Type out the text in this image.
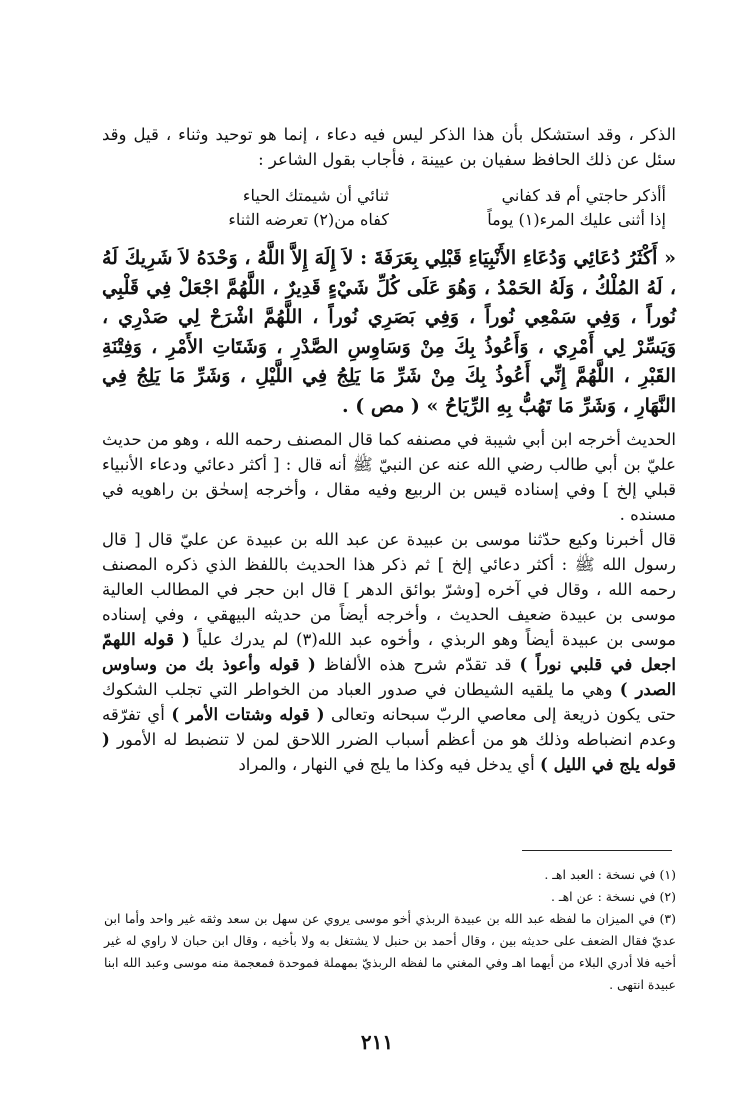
الذكر ، وقد استشكل بأن هذا الذكر ليس فيه دعاء ، إنما هو توحيد وثناء ، قيل وقد سئل عن ذلك الحافظ سفيان بن عيينة ، فأجاب بقول الشاعر :

أأذكر حاجتي أم قد كفاني
ثنائي أن شيمتك الحياء
إذا أثنى عليك المرء(١) يوماً
كفاه من(٢) تعرضه الثناء

« أَكْثَرُ دُعَائِي وَدُعَاءِ الأَنْبِيَاءِ قَبْلِي بِعَرَفَةَ : لاَ إِلَهَ إِلاَّ اللَّهُ ، وَحْدَهُ لاَ شَرِيكَ لَهُ ، لَهُ المُلْكُ ، وَلَهُ الحَمْدُ ، وَهُوَ عَلَى كُلِّ شَيْءٍ قَدِيرٌ ، اللَّهُمَّ اجْعَلْ فِي قَلْبِي نُوراً ، وَفِي سَمْعِي نُوراً ، وَفِي بَصَرِي نُوراً ، اللَّهُمَّ اشْرَحْ لِي صَدْرِي ، وَيَسِّرْ لِي أَمْرِي ، وَأَعُوذُ بِكَ مِنْ وَسَاوِسِ الصَّدْرِ ، وَشَتَاتِ الأَمْرِ ، وَفِتْنَةِ القَبْرِ ، اللَّهُمَّ إِنِّي أَعُوذُ بِكَ مِنْ شَرِّ مَا يَلِجُ فِي اللَّيْلِ ، وَشَرِّ مَا يَلِجُ فِي النَّهَارِ ، وَشَرِّ مَا تَهُبُّ بِهِ الرِّيَاحُ » ( مص ) .

الحديث أخرجه ابن أبي شيبة في مصنفه كما قال المصنف رحمه الله ، وهو من حديث عليّ بن أبي طالب رضي الله عنه عن النبيّ ﷺ أنه قال : [ أكثر دعائي ودعاء الأنبياء قبلي إلخ ] وفي إسناده قيس بن الربيع وفيه مقال ، وأخرجه إسحٰق بن راهويه في مسنده .

قال أخبرنا وكيع حدّثنا موسى بن عبيدة عن عبد الله بن عبيدة عن عليّ قال [ قال رسول الله ﷺ : أكثر دعائي إلخ ] ثم ذكر هذا الحديث باللفظ الذي ذكره المصنف رحمه الله ، وقال في آخره [وشرّ بوائق الدهر ] قال ابن حجر في المطالب العالية موسى بن عبيدة ضعيف الحديث ، وأخرجه أيضاً من حديثه البيهقي ، وفي إسناده موسى بن عبيدة أيضاً وهو الربذي ، وأخوه عبد الله(٣) لم يدرك علياً ( قوله اللهمّ اجعل في قلبي نوراً ) قد تقدّم شرح هذه الألفاظ ( قوله وأعوذ بك من وساوس الصدر ) وهي ما يلقيه الشيطان في صدور العباد من الخواطر التي تجلب الشكوك حتى يكون ذريعة إلى معاصي الربّ سبحانه وتعالى ( قوله وشتات الأمر ) أي تفرّقه وعدم انضباطه وذلك هو من أعظم أسباب الضرر اللاحق لمن لا تنضبط له الأمور ( قوله يلج في الليل ) أي يدخل فيه وكذا ما يلج في النهار ، والمراد

(١) في نسخة : العبد اهـ .

(٢) في نسخة : عن اهـ .

(٣) في الميزان ما لفظه عبد الله بن عبيدة الربذي أخو موسى يروي عن سهل بن سعد وثقه غير واحد وأما ابن عديّ فقال الضعف على حديثه بين ، وقال أحمد بن حنبل لا يشتغل به ولا بأخيه ، وقال ابن حبان لا راوي له غير أخيه فلا أدري البلاء من أيهما اهـ وفي المغني ما لفظه الربذيّ بمهملة فموحدة فمعجمة منه موسى وعبد الله ابنا عبيدة انتهى .

٢١١
